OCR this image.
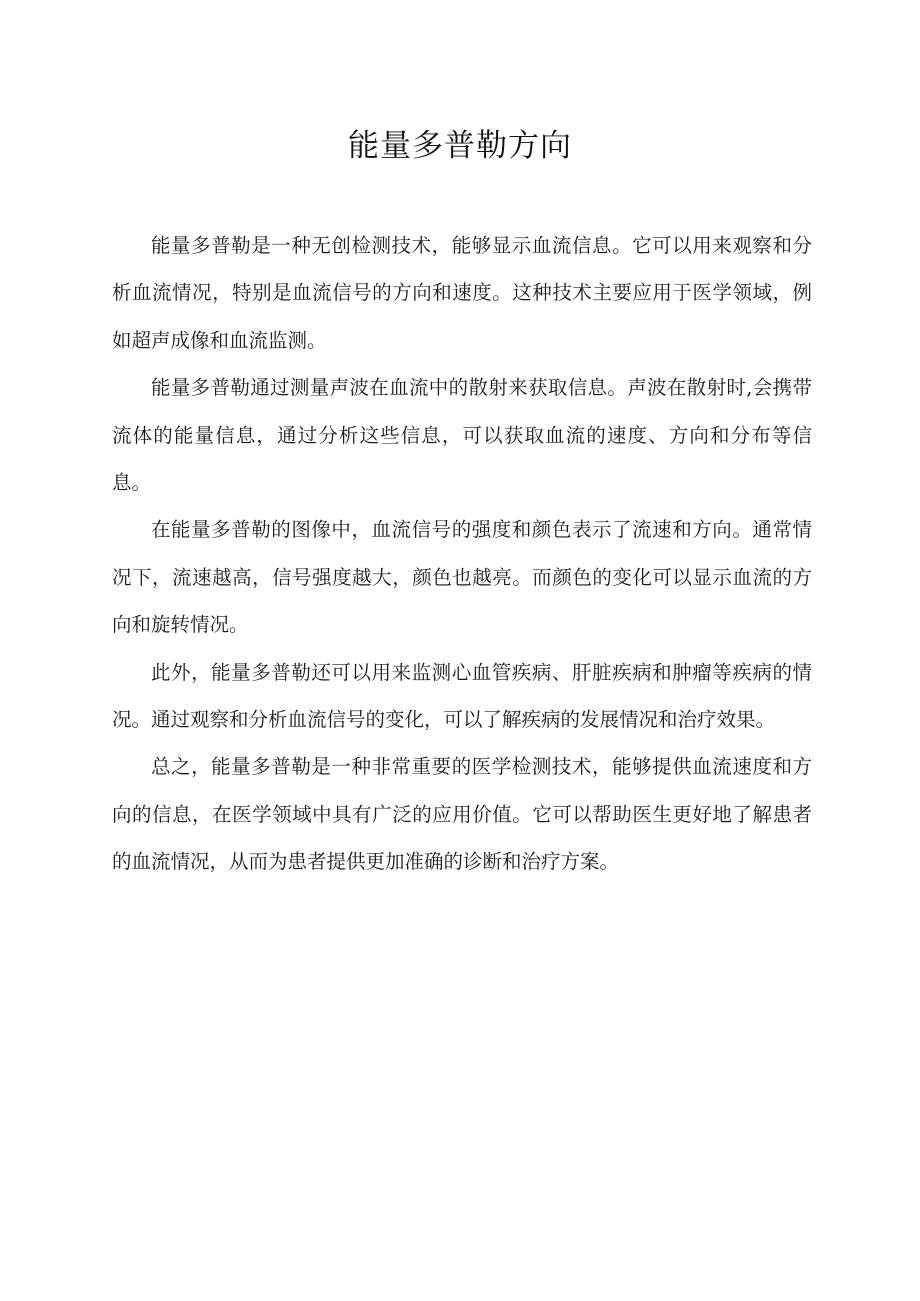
能量多普勒方向

能量多普勒是一种无创检测技术，能够显示血流信息。它可以用来观察和分析血流情况，特别是血流信号的方向和速度。这种技术主要应用于医学领域，例如超声成像和血流监测。

能量多普勒通过测量声波在血流中的散射来获取信息。声波在散射时,会携带流体的能量信息，通过分析这些信息，可以获取血流的速度、方向和分布等信息。

在能量多普勒的图像中，血流信号的强度和颜色表示了流速和方向。通常情况下，流速越高，信号强度越大，颜色也越亮。而颜色的变化可以显示血流的方向和旋转情况。

此外，能量多普勒还可以用来监测心血管疾病、肝脏疾病和肿瘤等疾病的情况。通过观察和分析血流信号的变化，可以了解疾病的发展情况和治疗效果。

总之，能量多普勒是一种非常重要的医学检测技术，能够提供血流速度和方向的信息，在医学领域中具有广泛的应用价值。它可以帮助医生更好地了解患者的血流情况，从而为患者提供更加准确的诊断和治疗方案。
